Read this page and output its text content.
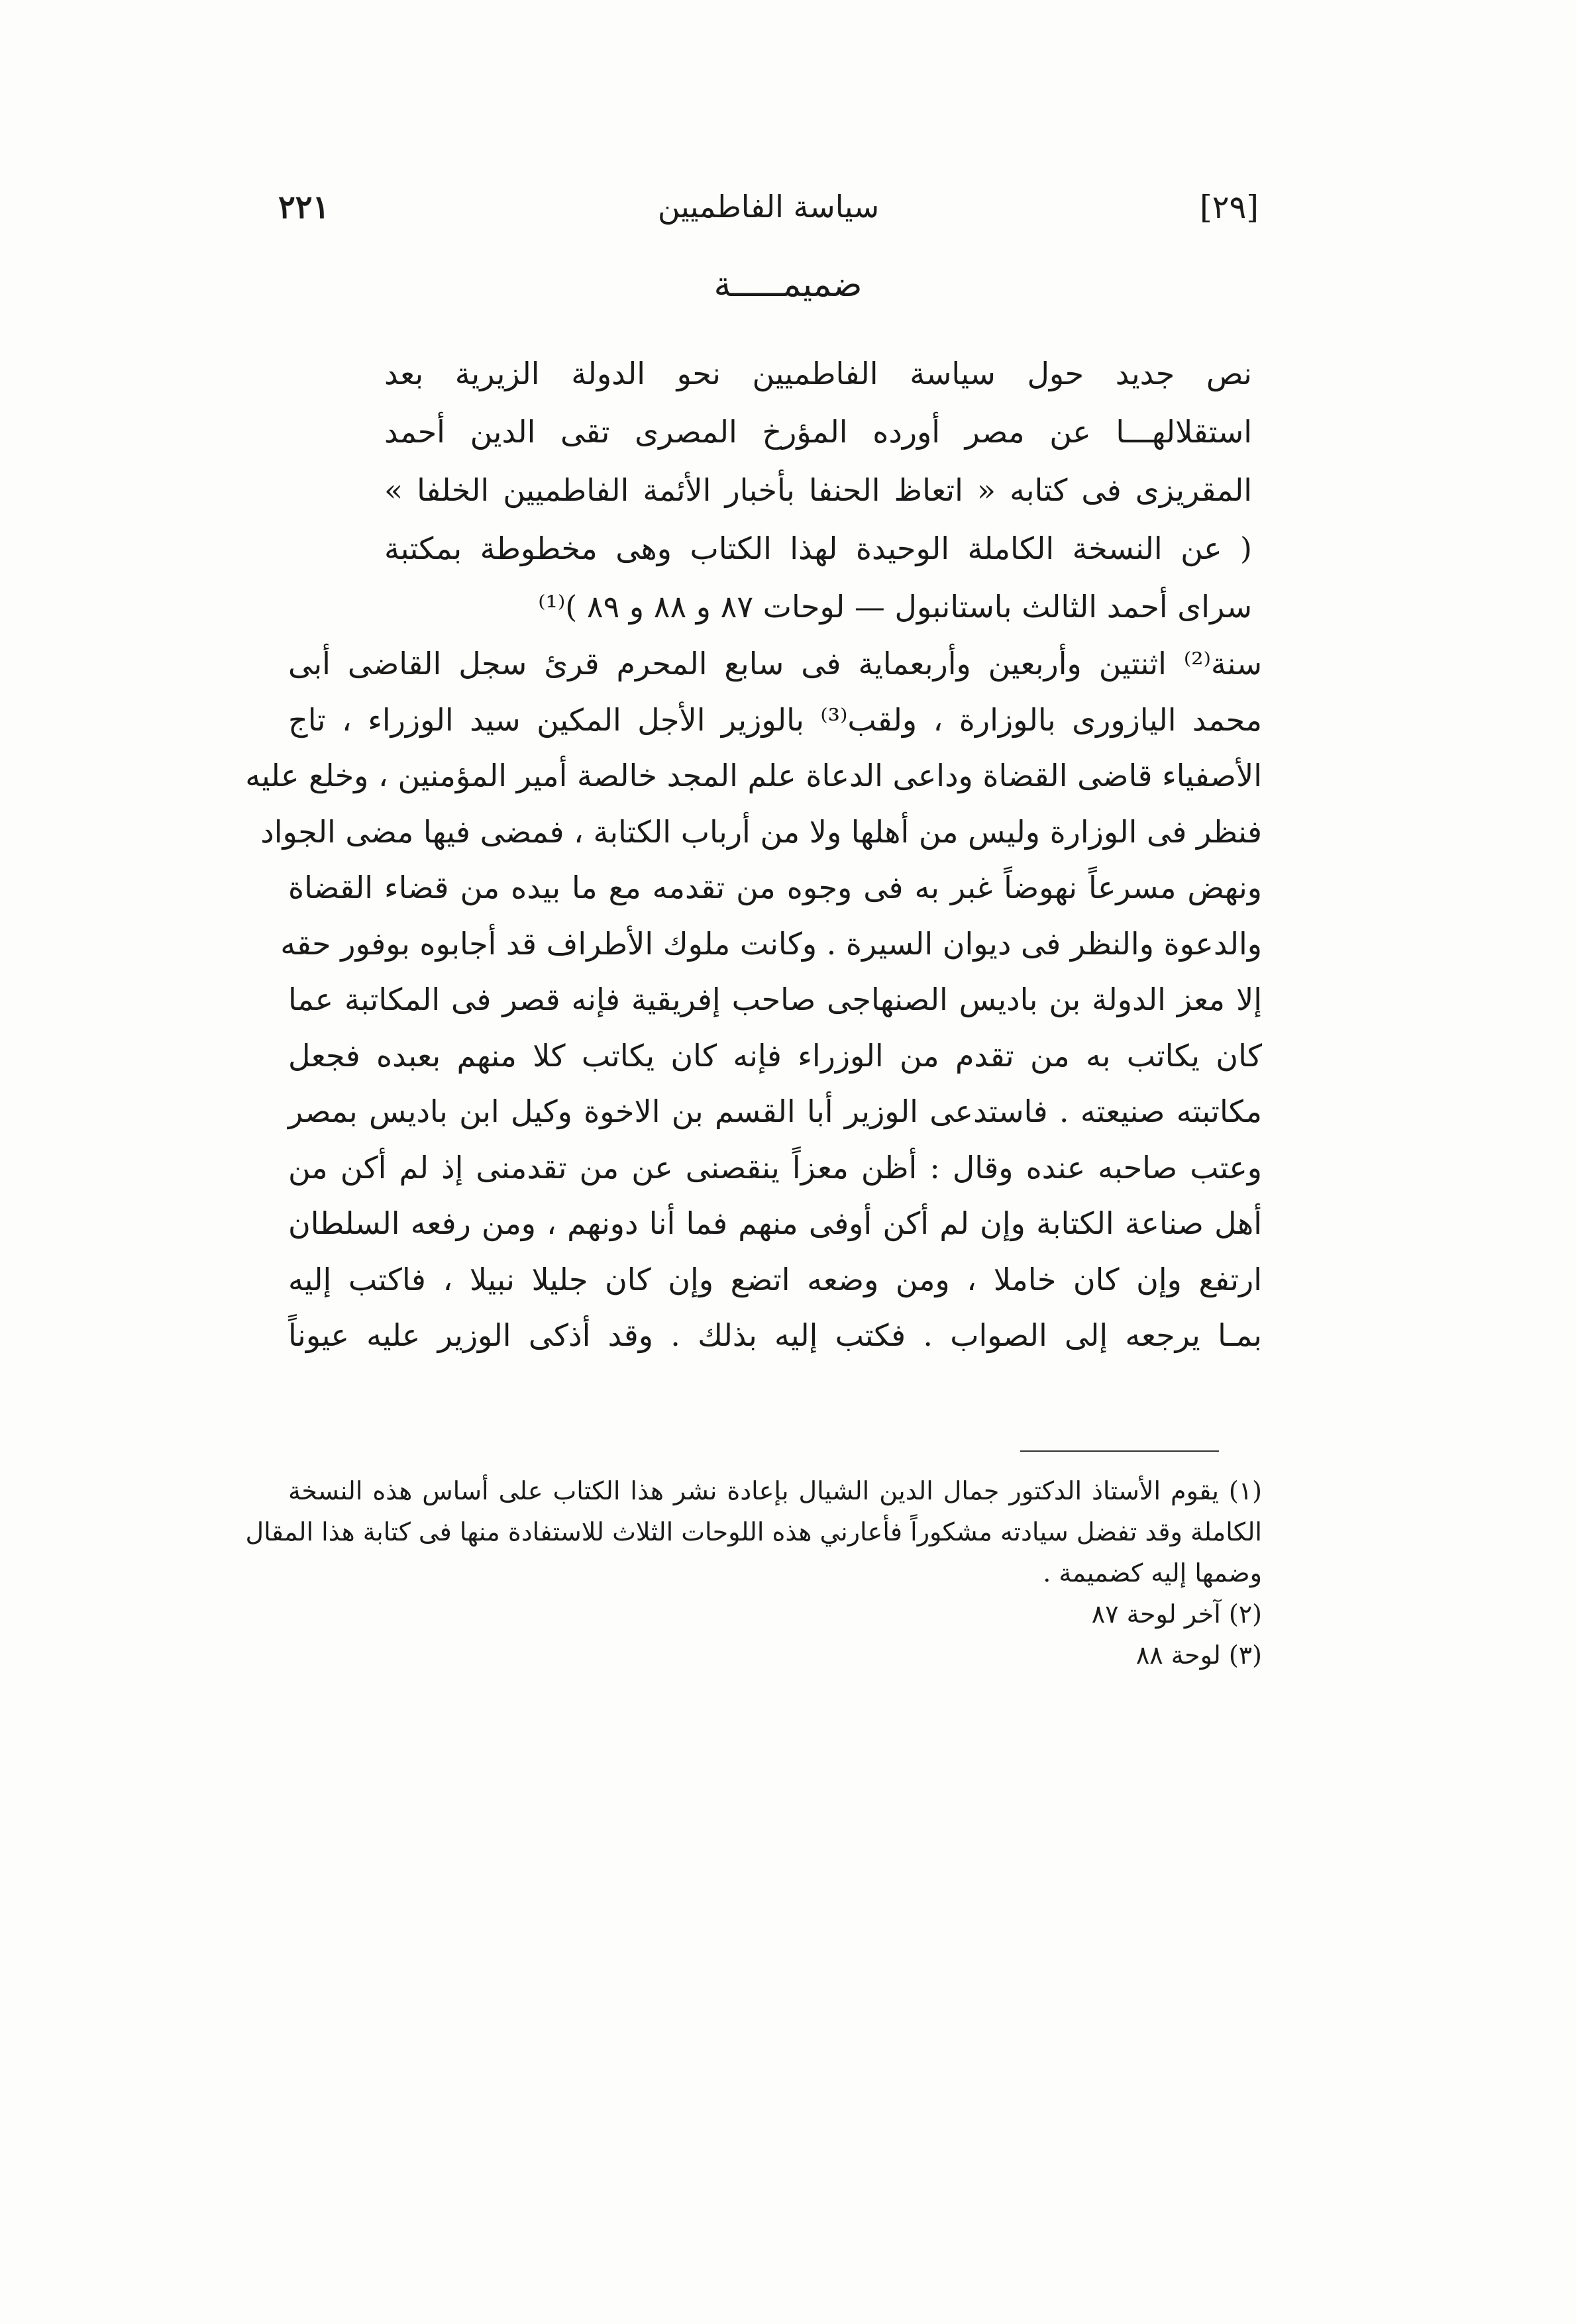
[٢٩]
سياسة الفاطميين
٢٢١
ضميمـــــة
نص جديد حول سياسة الفاطميين نحو الدولة الزيرية بعد
استقلالهـــا عن مصر أورده المؤرخ المصرى تقى الدين أحمد
المقريزى فى كتابه « اتعاظ الحنفا بأخبار الأئمة الفاطميين الخلفا »
( عن النسخة الكاملة الوحيدة لهذا الكتاب وهى مخطوطة بمكتبة
سراى أحمد الثالث باستانبول — لوحات ٨٧ و ٨٨ و ٨٩ )⁽¹⁾
سنة⁽²⁾ اثنتين وأربعين وأربعماية فى سابع المحرم قرئ سجل القاضى أبى
محمد اليازورى بالوزارة ، ولقب⁽³⁾ بالوزير الأجل المكين سيد الوزراء ، تاج
الأصفياء قاضى القضاة وداعى الدعاة علم المجد خالصة أمير المؤمنين ، وخلع عليه
فنظر فى الوزارة وليس من أهلها ولا من أرباب الكتابة ، فمضى فيها مضى الجواد
ونهض مسرعاً نهوضاً غبر به فى وجوه من تقدمه مع ما بيده من قضاء القضاة
والدعوة والنظر فى ديوان السيرة . وكانت ملوك الأطراف قد أجابوه بوفور حقه
إلا معز الدولة بن باديس الصنهاجى صاحب إفريقية فإنه قصر فى المكاتبة عما
كان يكاتب به من تقدم من الوزراء فإنه كان يكاتب كلا منهم بعبده فجعل
مكاتبته صنيعته . فاستدعى الوزير أبا القسم بن الاخوة وكيل ابن باديس بمصر
وعتب صاحبه عنده وقال : أظن معزاً ينقصنى عن من تقدمنى إذ لم أكن من
أهل صناعة الكتابة وإن لم أكن أوفى منهم فما أنا دونهم ، ومن رفعه السلطان
ارتفع وإن كان خاملا ، ومن وضعه اتضع وإن كان جليلا نبيلا ، فاكتب إليه
بمـا يرجعه إلى الصواب . فكتب إليه بذلك . وقد أذكى الوزير عليه عيوناً
(١) يقوم الأستاذ الدكتور جمال الدين الشيال بإعادة نشر هذا الكتاب على أساس هذه النسخة
الكاملة وقد تفضل سيادته مشكوراً فأعارني هذه اللوحات الثلاث للاستفادة منها فى كتابة هذا المقال
وضمها إليه كضميمة .
(٢) آخر لوحة ٨٧
(٣) لوحة ٨٨
